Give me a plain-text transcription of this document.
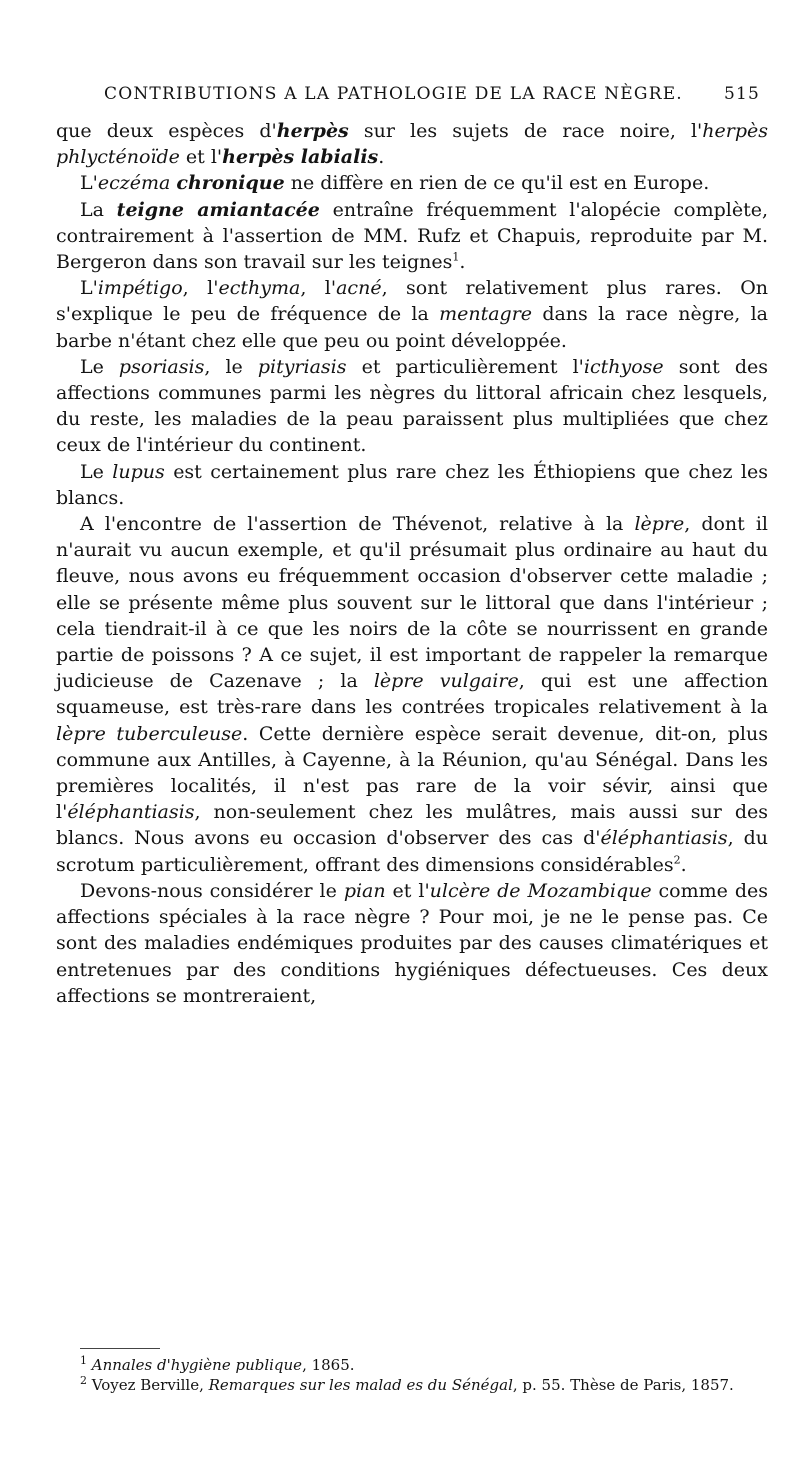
CONTRIBUTIONS A LA PATHOLOGIE DE LA RACE NÈGRE. 515

que deux espèces d'herpès sur les sujets de race noire, l'herpès phlycténoïde et l'herpès labialis.

L'eczéma chronique ne diffère en rien de ce qu'il est en Europe.

La teigne amiantacée entraîne fréquemment l'alopécie complète, contrairement à l'assertion de MM. Rufz et Chapuis, reproduite par M. Bergeron dans son travail sur les teignes$^1$.

L'impétigo, l'ecthyma, l'acné, sont relativement plus rares. On s'explique le peu de fréquence de la mentagre dans la race nègre, la barbe n'étant chez elle que peu ou point développée.

Le psoriasis, le pityriasis et particulièrement l'icthyose sont des affections communes parmi les nègres du littoral africain chez lesquels, du reste, les maladies de la peau paraissent plus multipliées que chez ceux de l'intérieur du continent.

Le lupus est certainement plus rare chez les Éthiopiens que chez les blancs.

A l'encontre de l'assertion de Thévenot, relative à la lèpre, dont il n'aurait vu aucun exemple, et qu'il présumait plus ordinaire au haut du fleuve, nous avons eu fréquemment occasion d'observer cette maladie ; elle se présente même plus souvent sur le littoral que dans l'intérieur ; cela tiendrait-il à ce que les noirs de la côte se nourrissent en grande partie de poissons ? A ce sujet, il est important de rappeler la remarque judicieuse de Cazenave ; la lèpre vulgaire, qui est une affection squameuse, est très-rare dans les contrées tropicales relativement à la lèpre tuberculeuse. Cette dernière espèce serait devenue, dit-on, plus commune aux Antilles, à Cayenne, à la Réunion, qu'au Sénégal. Dans les premières localités, il n'est pas rare de la voir sévir, ainsi que l'éléphantiasis, non-seulement chez les mulâtres, mais aussi sur des blancs. Nous avons eu occasion d'observer des cas d'éléphantiasis, du scrotum particulièrement, offrant des dimensions considérables$^2$.

Devons-nous considérer le pian et l'ulcère de Mozambique comme des affections spéciales à la race nègre ? Pour moi, je ne le pense pas. Ce sont des maladies endémiques produites par des causes climatériques et entretenues par des conditions hygiéniques défectueuses. Ces deux affections se montreraient,

$^1$ Annales d'hygiène publique, 1865.

$^2$ Voyez Berville, Remarques sur les malad es du Sénégal, p. 55. Thèse de Paris, 1857.
